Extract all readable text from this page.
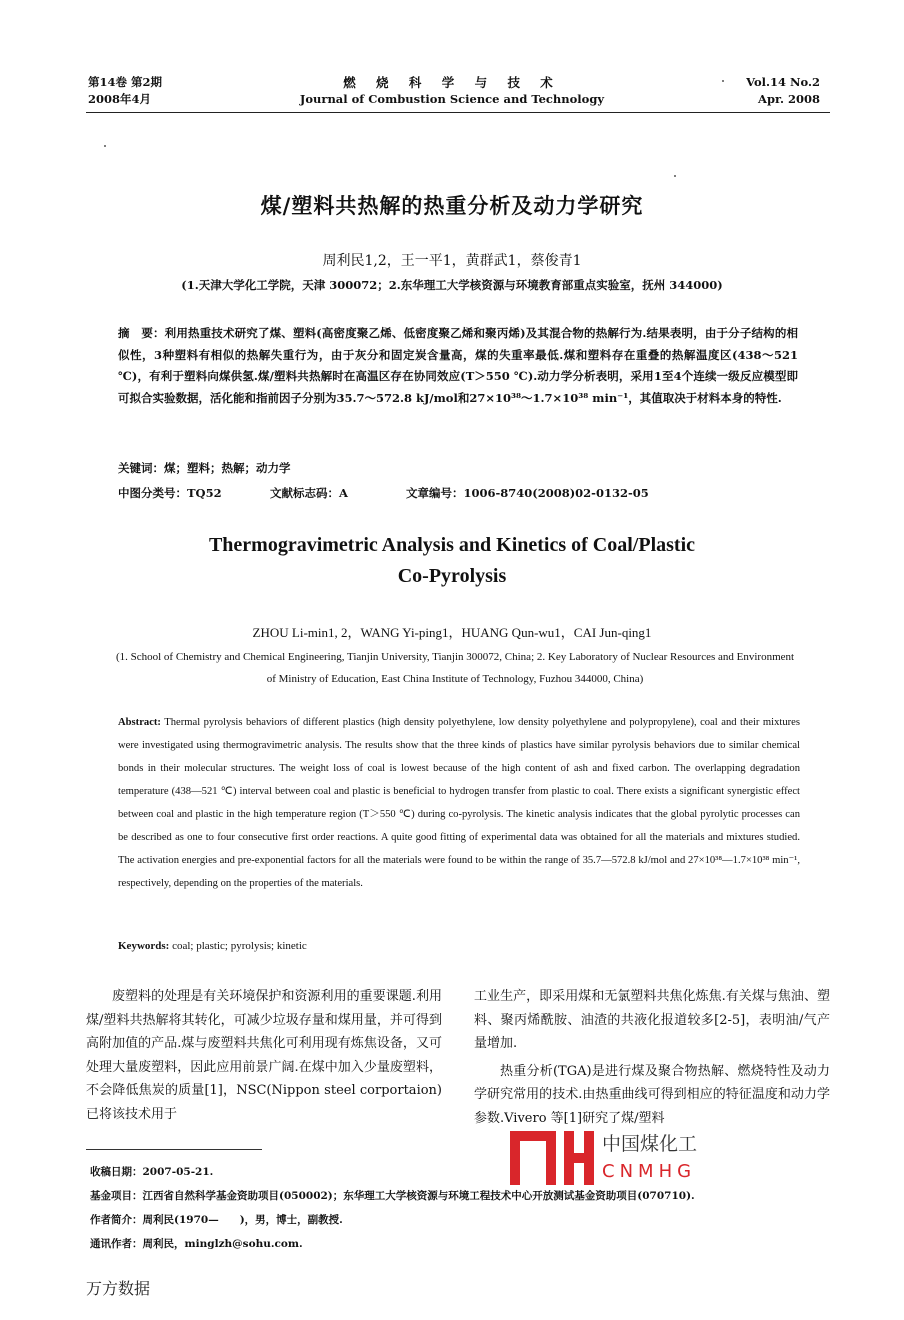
第14卷 第2期
2008年4月
燃 烧 科 学 与 技 术
Journal of Combustion Science and Technology
Vol.14 No.2
Apr. 2008
煤/塑料共热解的热重分析及动力学研究
周利民1,2，王一平1，黄群武1，蔡俊青1
(1.天津大学化工学院，天津 300072；2.东华理工大学核资源与环境教育部重点实验室，抚州 344000)
摘　要：利用热重技术研究了煤、塑料(高密度聚乙烯、低密度聚乙烯和聚丙烯)及其混合物的热解行为.结果表明，由于分子结构的相似性，3种塑料有相似的热解失重行为，由于灰分和固定炭含量高，煤的失重率最低.煤和塑料存在重叠的热解温度区(438～521 ℃)，有利于塑料向煤供氢.煤/塑料共热解时在高温区存在协同效应(T＞550 ℃).动力学分析表明，采用1至4个连续一级反应模型即可拟合实验数据，活化能和指前因子分别为35.7～572.8 kJ/mol和27×10³⁸～1.7×10³⁸ min⁻¹，其值取决于材料本身的特性.
关键词：煤；塑料；热解；动力学
中图分类号：TQ52	文献标志码：A	文章编号：1006-8740(2008)02-0132-05
Thermogravimetric Analysis and Kinetics of Coal/Plastic
Co-Pyrolysis
ZHOU Li-min1, 2，WANG Yi-ping1，HUANG Qun-wu1，CAI Jun-qing1
(1. School of Chemistry and Chemical Engineering, Tianjin University, Tianjin 300072, China; 2. Key Laboratory of Nuclear Resources and Environment of Ministry of Education, East China Institute of Technology, Fuzhou 344000, China)
Abstract: Thermal pyrolysis behaviors of different plastics (high density polyethylene, low density polyethylene and polypropylene), coal and their mixtures were investigated using thermogravimetric analysis. The results show that the three kinds of plastics have similar pyrolysis behaviors due to similar chemical bonds in their molecular structures. The weight loss of coal is lowest because of the high content of ash and fixed carbon. The overlapping degradation temperature (438—521 ℃) interval between coal and plastic is beneficial to hydrogen transfer from plastic to coal. There exists a significant synergistic effect between coal and plastic in the high temperature region (T＞550 ℃) during co-pyrolysis. The kinetic analysis indicates that the global pyrolytic processes can be described as one to four consecutive first order reactions. A quite good fitting of experimental data was obtained for all the materials and mixtures studied. The activation energies and pre-exponential factors for all the materials were found to be within the range of 35.7—572.8 kJ/mol and 27×10³⁸—1.7×10³⁸ min⁻¹, respectively, depending on the properties of the materials.
Keywords: coal; plastic; pyrolysis; kinetic

废塑料的处理是有关环境保护和资源利用的重要课题.利用煤/塑料共热解将其转化，可减少垃圾存量和煤用量，并可得到高附加值的产品.煤与废塑料共焦化可利用现有炼焦设备，又可处理大量废塑料，因此应用前景广阔.在煤中加入少量废塑料，不会降低焦炭的质量[1]，NSC(Nippon steel corportaion)已将该技术用于

工业生产，即采用煤和无氯塑料共焦化炼焦.有关煤与焦油、塑料、聚丙烯酰胺、油渣的共液化报道较多[2-5]，表明油/气产量增加.

热重分析(TGA)是进行煤及聚合物热解、燃烧特性及动力学研究常用的技术.由热重曲线可得到相应的特征温度和动力学参数.Vivero 等[1]研究了煤/塑料

收稿日期：2007-05-21.
基金项目：江西省自然科学基金资助项目(050002)；东华理工大学核资源与环境工程技术中心开放测试基金资助项目(070710).
作者简介：周利民(1970—　　)，男，博士，副教授.
通讯作者：周利民，minglzh@sohu.com.
中国煤化工
CNMHG
万方数据
